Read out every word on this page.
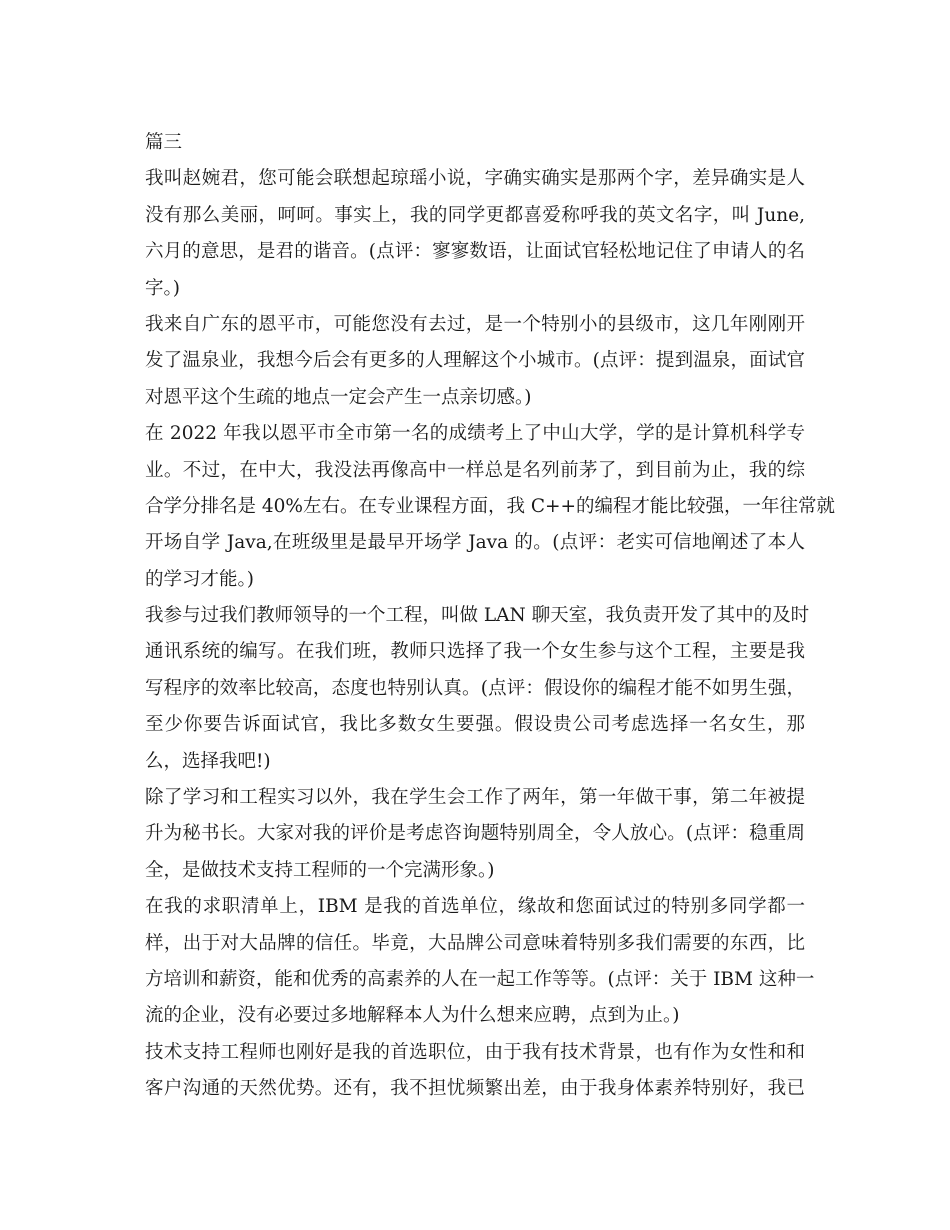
篇三
我叫赵婉君，您可能会联想起琼瑶小说，字确实确实是那两个字，差异确实是人
没有那么美丽，呵呵。事实上，我的同学更都喜爱称呼我的英文名字，叫 June,
六月的意思，是君的谐音。(点评：寥寥数语，让面试官轻松地记住了申请人的名
字。)
我来自广东的恩平市，可能您没有去过，是一个特别小的县级市，这几年刚刚开
发了温泉业，我想今后会有更多的人理解这个小城市。(点评：提到温泉，面试官
对恩平这个生疏的地点一定会产生一点亲切感。)
在 2022 年我以恩平市全市第一名的成绩考上了中山大学，学的是计算机科学专
业。不过，在中大，我没法再像高中一样总是名列前茅了，到目前为止，我的综
合学分排名是 40%左右。在专业课程方面，我 C++的编程才能比较强，一年往常就
开场自学 Java,在班级里是最早开场学 Java 的。(点评：老实可信地阐述了本人
的学习才能。)
我参与过我们教师领导的一个工程，叫做 LAN 聊天室，我负责开发了其中的及时
通讯系统的编写。在我们班，教师只选择了我一个女生参与这个工程，主要是我
写程序的效率比较高，态度也特别认真。(点评：假设你的编程才能不如男生强，
至少你要告诉面试官，我比多数女生要强。假设贵公司考虑选择一名女生，那
么，选择我吧!)
除了学习和工程实习以外，我在学生会工作了两年，第一年做干事，第二年被提
升为秘书长。大家对我的评价是考虑咨询题特别周全，令人放心。(点评：稳重周
全，是做技术支持工程师的一个完满形象。)
在我的求职清单上，IBM 是我的首选单位，缘故和您面试过的特别多同学都一
样，出于对大品牌的信任。毕竟，大品牌公司意味着特别多我们需要的东西，比
方培训和薪资，能和优秀的高素养的人在一起工作等等。(点评：关于 IBM 这种一
流的企业，没有必要过多地解释本人为什么想来应聘，点到为止。)
技术支持工程师也刚好是我的首选职位，由于我有技术背景，也有作为女性和和
客户沟通的天然优势。还有，我不担忧频繁出差，由于我身体素养特别好，我已
